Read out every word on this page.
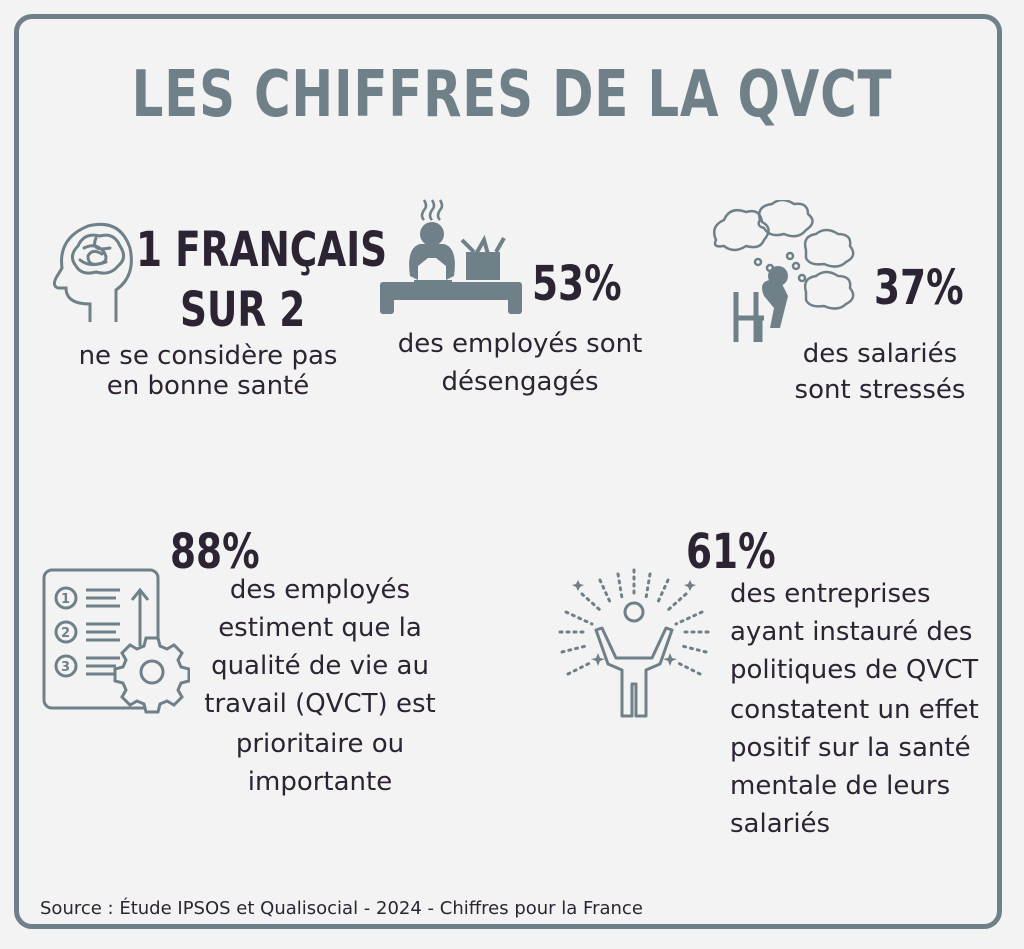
LES CHIFFRES DE LA QVCT
1 FRANÇAIS
SUR 2
ne se considère pas
en bonne santé
53%
des employés sont
désengagés
37%
des salariés
sont stressés
88%
1
2
3
des employés
estiment que la
qualité de vie au
travail (QVCT) est
prioritaire ou
importante
61%
des entreprises
ayant instauré des
politiques de QVCT
constatent un effet
positif sur la santé
mentale de leurs
salariés
Source : Étude IPSOS et Qualisocial - 2024 - Chiffres pour la France
